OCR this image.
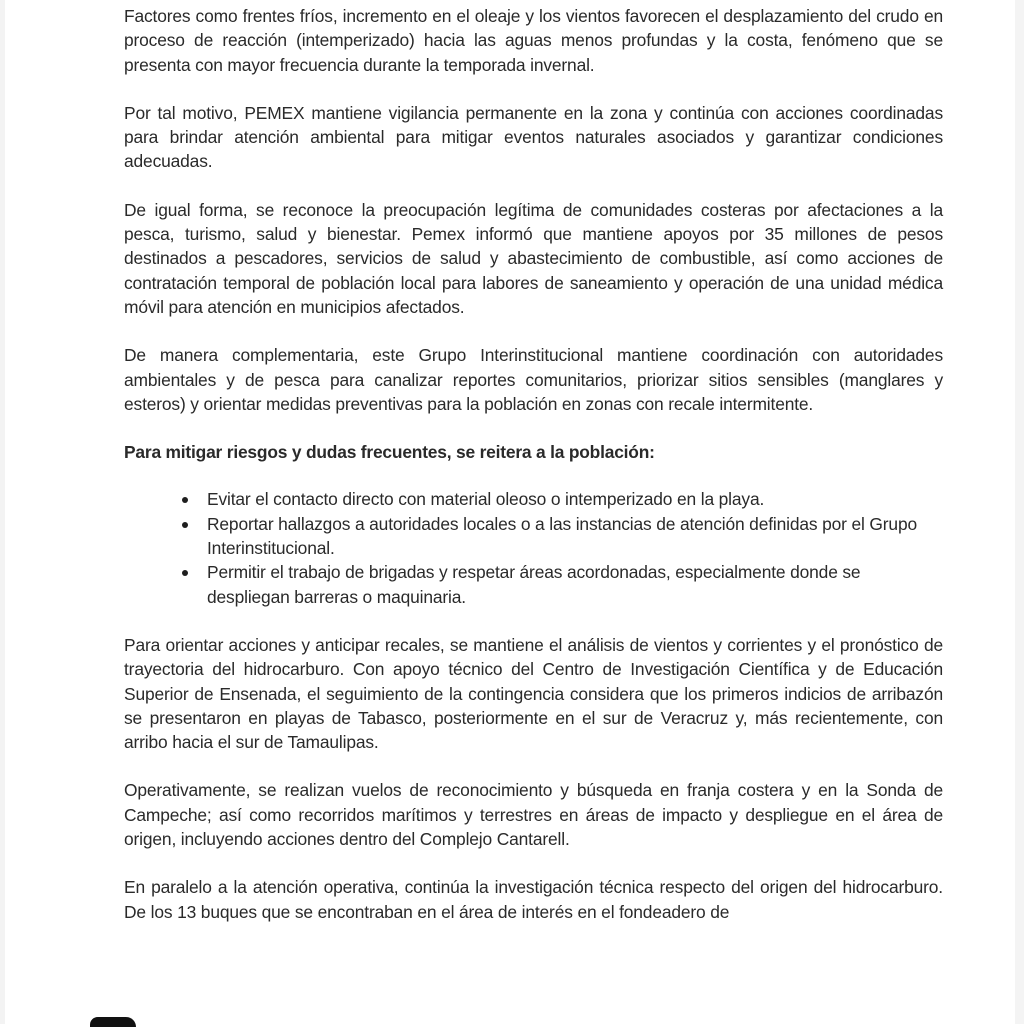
Factores como frentes fríos, incremento en el oleaje y los vientos favorecen el desplazamiento del crudo en proceso de reacción (intemperizado) hacia las aguas menos profundas y la costa, fenómeno que se presenta con mayor frecuencia durante la temporada invernal.

Por tal motivo, PEMEX mantiene vigilancia permanente en la zona y continúa con acciones coordinadas para brindar atención ambiental para mitigar eventos naturales asociados y garantizar condiciones adecuadas.

De igual forma, se reconoce la preocupación legítima de comunidades costeras por afectaciones a la pesca, turismo, salud y bienestar. Pemex informó que mantiene apoyos por 35 millones de pesos destinados a pescadores, servicios de salud y abastecimiento de combustible, así como acciones de contratación temporal de población local para labores de saneamiento y operación de una unidad médica móvil para atención en municipios afectados.

De manera complementaria, este Grupo Interinstitucional mantiene coordinación con autoridades ambientales y de pesca para canalizar reportes comunitarios, priorizar sitios sensibles (manglares y esteros) y orientar medidas preventivas para la población en zonas con recale intermitente.

Para mitigar riesgos y dudas frecuentes, se reitera a la población:

Evitar el contacto directo con material oleoso o intemperizado en la playa.
Reportar hallazgos a autoridades locales o a las instancias de atención definidas por el Grupo Interinstitucional.
Permitir el trabajo de brigadas y respetar áreas acordonadas, especialmente donde se despliegan barreras o maquinaria.

Para orientar acciones y anticipar recales, se mantiene el análisis de vientos y corrientes y el pronóstico de trayectoria del hidrocarburo. Con apoyo técnico del Centro de Investigación Científica y de Educación Superior de Ensenada, el seguimiento de la contingencia considera que los primeros indicios de arribazón se presentaron en playas de Tabasco, posteriormente en el sur de Veracruz y, más recientemente, con arribo hacia el sur de Tamaulipas.

Operativamente, se realizan vuelos de reconocimiento y búsqueda en franja costera y en la Sonda de Campeche; así como recorridos marítimos y terrestres en áreas de impacto y despliegue en el área de origen, incluyendo acciones dentro del Complejo Cantarell.

En paralelo a la atención operativa, continúa la investigación técnica respecto del origen del hidrocarburo. De los 13 buques que se encontraban en el área de interés en el fondeadero de
